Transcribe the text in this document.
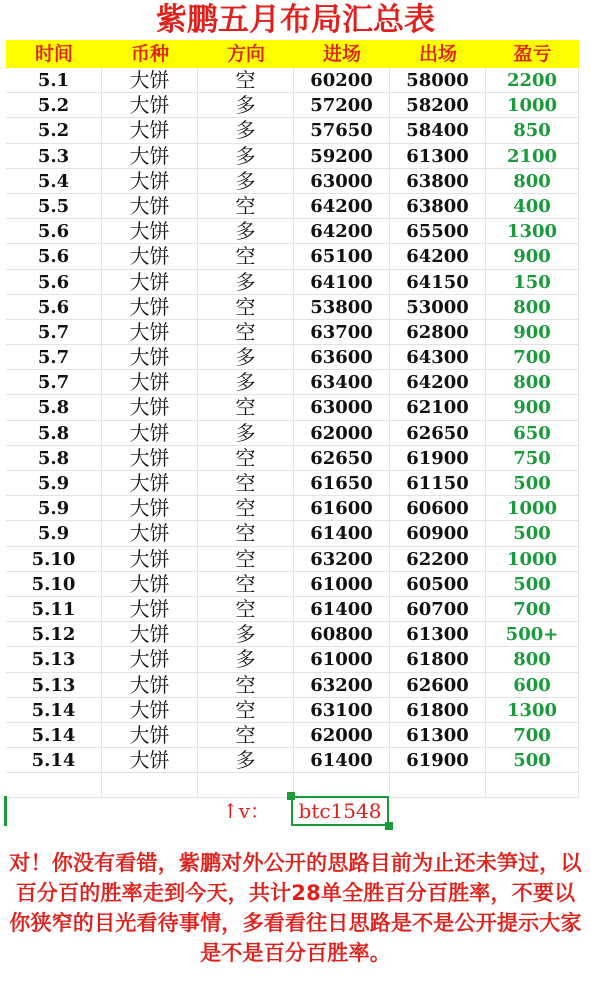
紫鹏五月布局汇总表
时间	币种	方向	进场	出场	盈亏
5.1	大饼	空	60200	58000	2200
5.2	大饼	多	57200	58200	1000
5.2	大饼	多	57650	58400	850
5.3	大饼	多	59200	61300	2100
5.4	大饼	多	63000	63800	800
5.5	大饼	空	64200	63800	400
5.6	大饼	多	64200	65500	1300
5.6	大饼	空	65100	64200	900
5.6	大饼	多	64100	64150	150
5.6	大饼	空	53800	53000	800
5.7	大饼	空	63700	62800	900
5.7	大饼	多	63600	64300	700
5.7	大饼	多	63400	64200	800
5.8	大饼	空	63000	62100	900
5.8	大饼	多	62000	62650	650
5.8	大饼	空	62650	61900	750
5.9	大饼	空	61650	61150	500
5.9	大饼	空	61600	60600	1000
5.9	大饼	空	61400	60900	500
5.10	大饼	空	63200	62200	1000
5.10	大饼	空	61000	60500	500
5.11	大饼	空	61400	60700	700
5.12	大饼	多	60800	61300	500+
5.13	大饼	多	61000	61800	800
5.13	大饼	空	63200	62600	600
5.14	大饼	空	63100	61800	1300
5.14	大饼	空	62000	61300	700
5.14	大饼	多	61400	61900	500
↑v：	btc1548
对！你没有看错，紫鹏对外公开的思路目前为止还未笋过，以百分百的胜率走到今天，共计28单全胜百分百胜率，不要以你狭窄的目光看待事情，多看看往日思路是不是公开提示大家是不是百分百胜率。
